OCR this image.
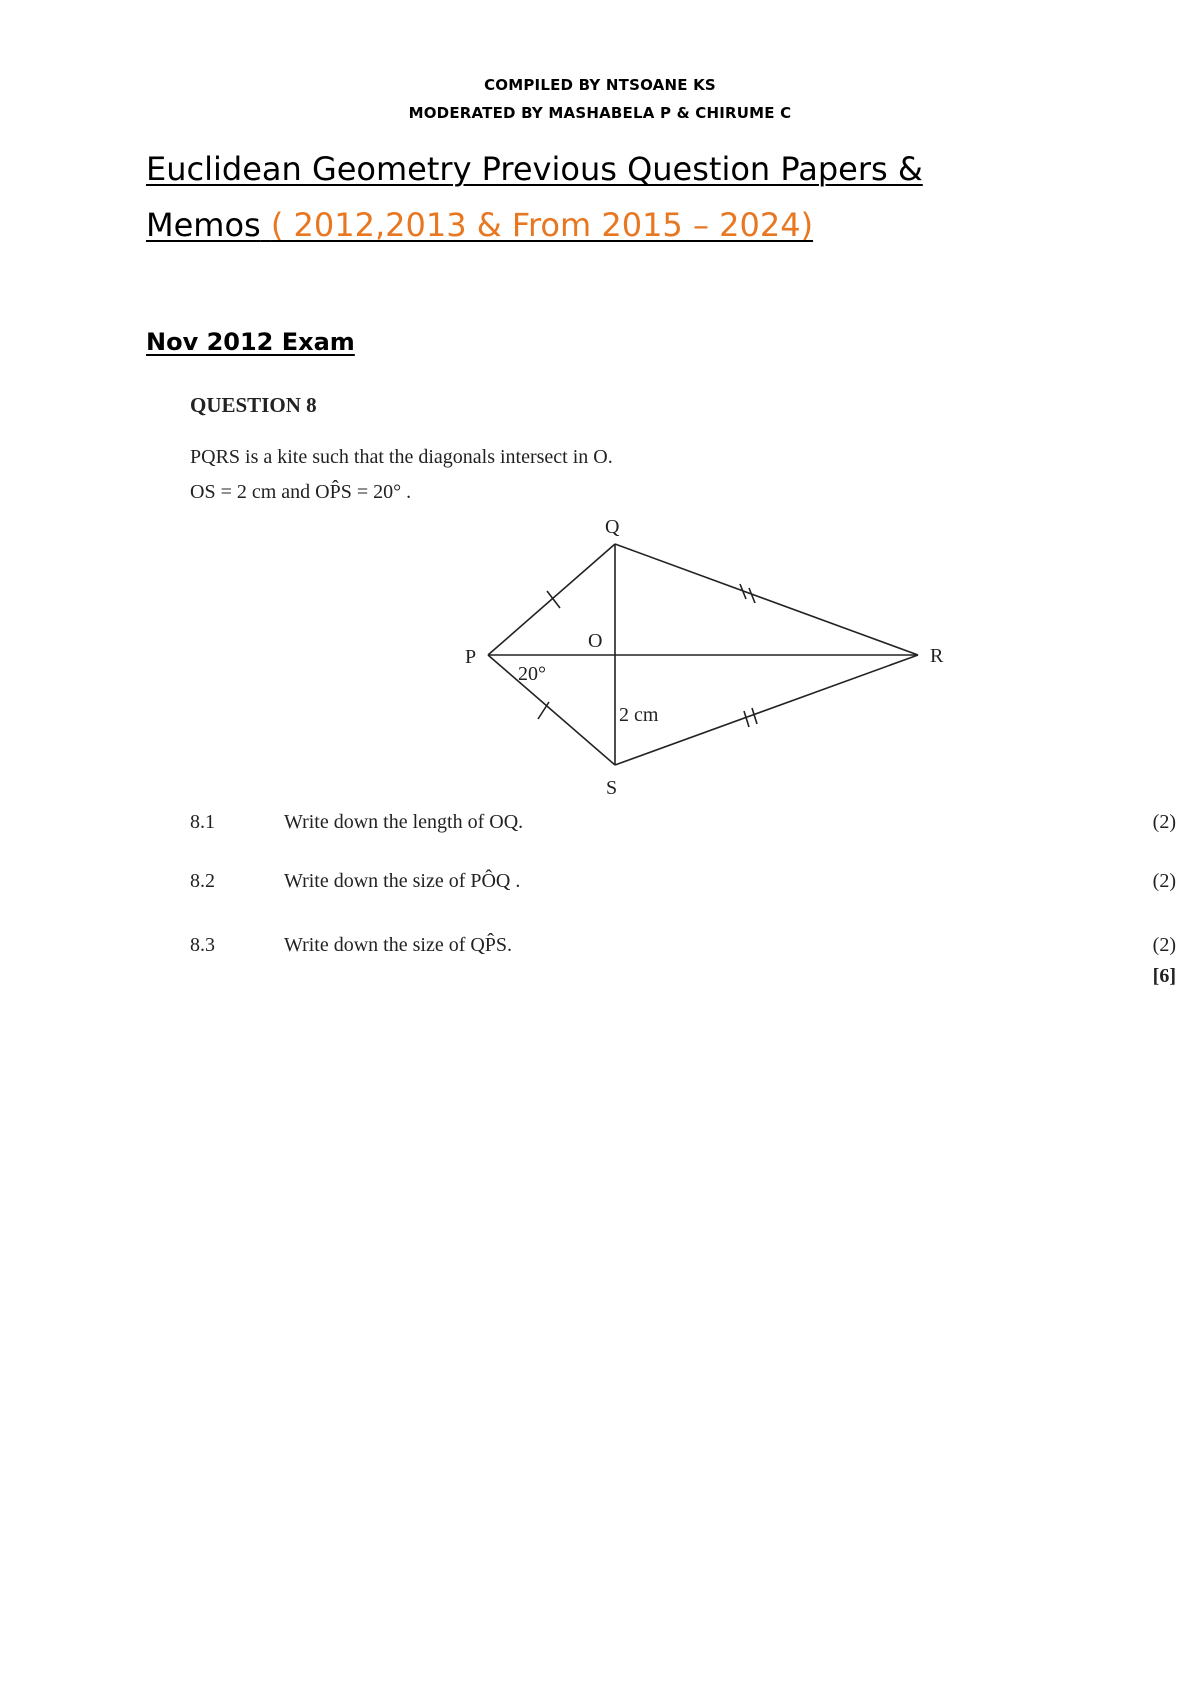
COMPILED BY NTSOANE KS
MODERATED BY MASHABELA P & CHIRUME C
Euclidean Geometry Previous Question Papers &
Memos ( 2012,2013 & From 2015 – 2024)
Nov 2012 Exam
QUESTION 8
PQRS is a kite such that the diagonals intersect in O.
OS = 2 cm and OP̂S = 20° .
Q
P	R
S
O
20°
2 cm
8.1	Write down the length of OQ.	(2)
8.2	Write down the size of PÔQ .	(2)
8.3	Write down the size of QP̂S.	(2)
[6]
